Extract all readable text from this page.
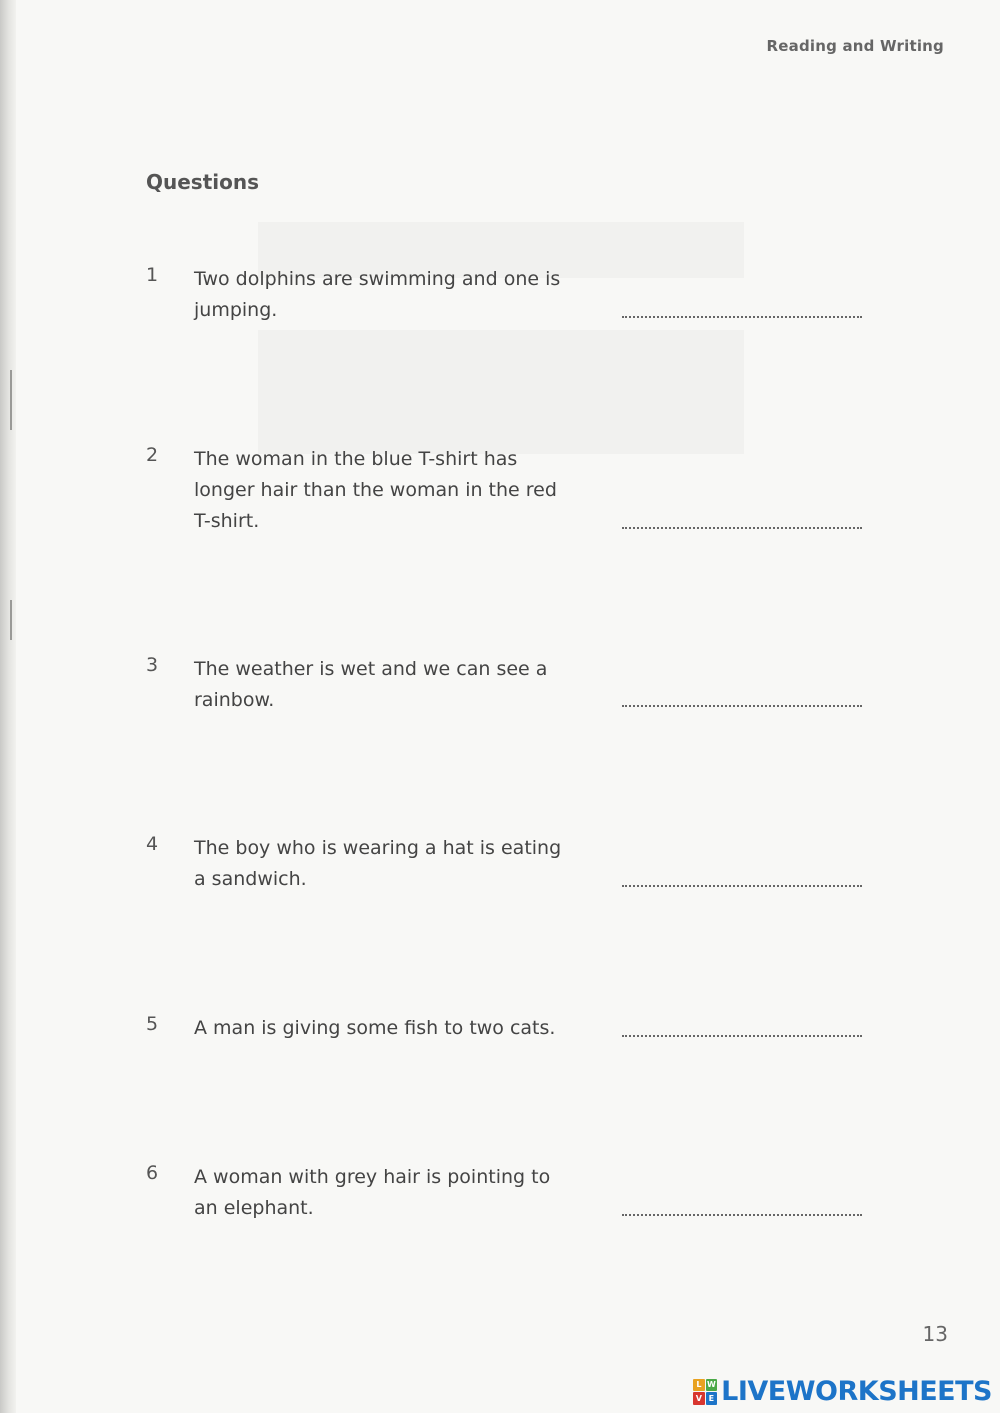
Reading and Writing
Questions
1 Two dolphins are swimming and one is jumping.
2 The woman in the blue T-shirt has longer hair than the woman in the red T-shirt.
3 The weather is wet and we can see a rainbow.
4 The boy who is wearing a hat is eating a sandwich.
5 A man is giving some fish to two cats.
6 A woman with grey hair is pointing to an elephant.
13
L W
V E LIVEWORKSHEETS
